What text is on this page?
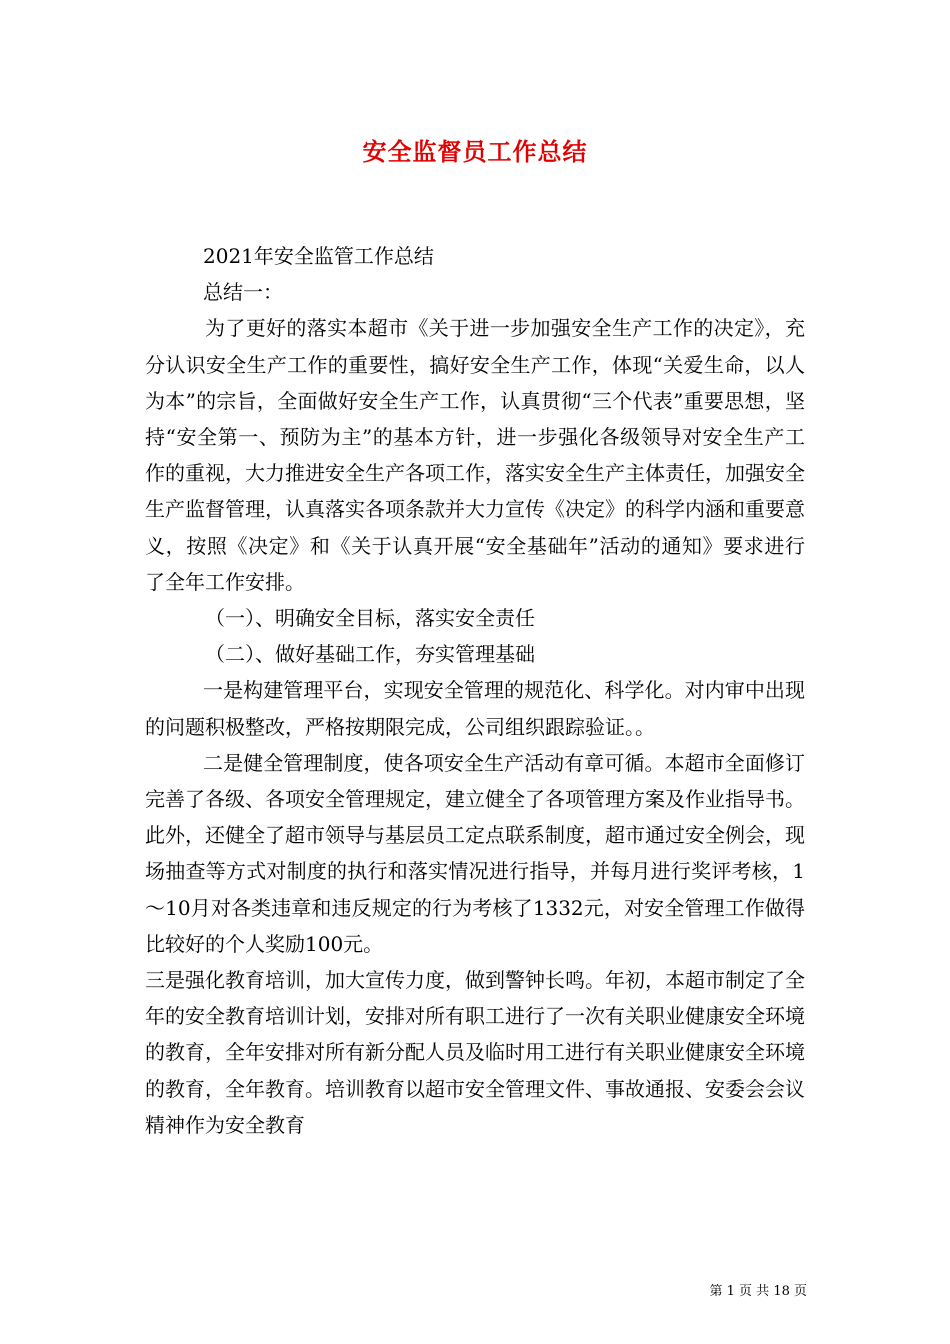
安全监督员工作总结

2021年安全监管工作总结

总结一：

为了更好的落实本超市《关于进一步加强安全生产工作的决定》，充分认识安全生产工作的重要性，搞好安全生产工作，体现“关爱生命，以人为本”的宗旨，全面做好安全生产工作，认真贯彻“三个代表”重要思想，坚持“安全第一、预防为主”的基本方针，进一步强化各级领导对安全生产工作的重视，大力推进安全生产各项工作，落实安全生产主体责任，加强安全生产监督管理，认真落实各项条款并大力宣传《决定》的科学内涵和重要意义，按照《决定》和《关于认真开展“安全基础年”活动的通知》要求进行了全年工作安排。

（一）、明确安全目标，落实安全责任

（二）、做好基础工作，夯实管理基础

一是构建管理平台，实现安全管理的规范化、科学化。对内审中出现的问题积极整改，严格按期限完成，公司组织跟踪验证。。

二是健全管理制度，使各项安全生产活动有章可循。本超市全面修订完善了各级、各项安全管理规定，建立健全了各项管理方案及作业指导书。此外，还健全了超市领导与基层员工定点联系制度，超市通过安全例会，现场抽查等方式对制度的执行和落实情况进行指导，并每月进行奖评考核，1～10月对各类违章和违反规定的行为考核了1332元，对安全管理工作做得比较好的个人奖励100元。

三是强化教育培训，加大宣传力度，做到警钟长鸣。年初，本超市制定了全年的安全教育培训计划，安排对所有职工进行了一次有关职业健康安全环境的教育，全年安排对所有新分配人员及临时用工进行有关职业健康安全环境的教育，全年教育。培训教育以超市安全管理文件、事故通报、安委会会议精神作为安全教育

第 1 页 共 18 页
